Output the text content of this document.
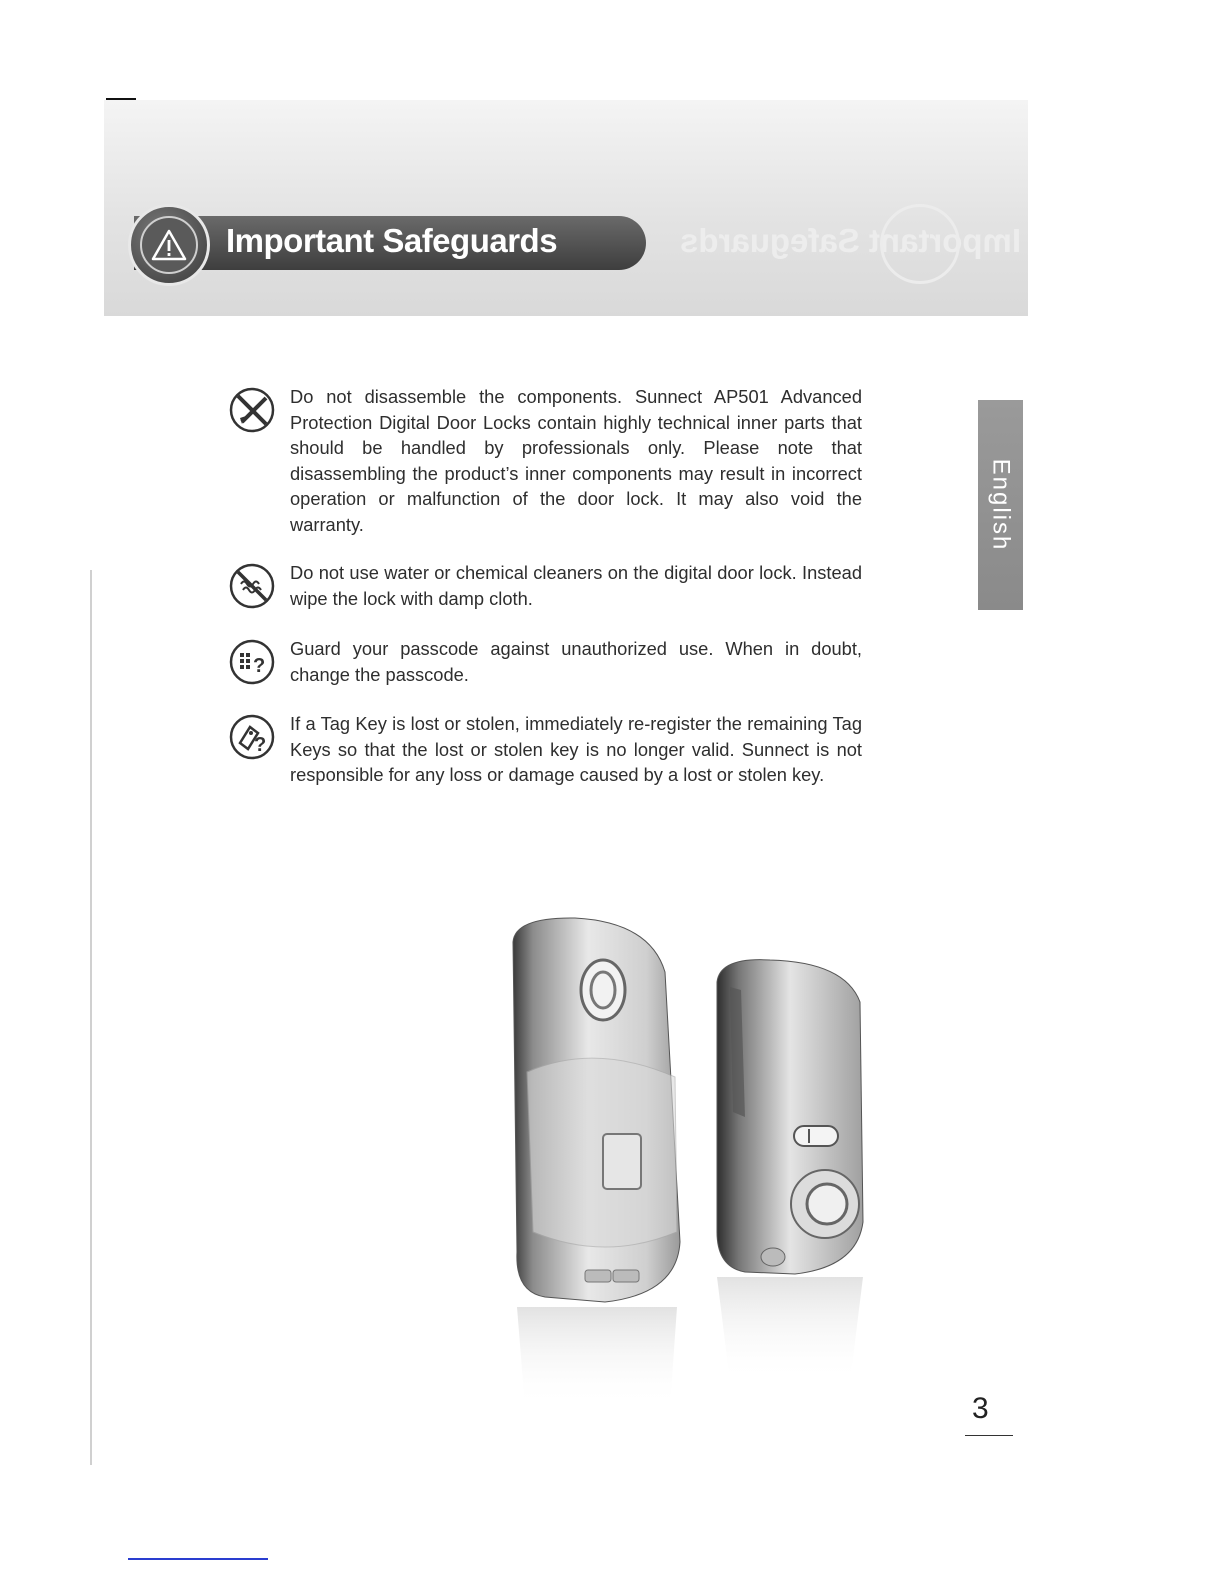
Important Safeguards
Important Safeguards
English
Do not disassemble the components. Sunnect AP501 Advanced Protection Digital Door Locks contain highly technical inner parts that should be handled by professionals only. Please note that disassembling the product’s inner components may result in incorrect operation or malfunction of the door lock. It may also void the warranty.
Do not use water or chemical cleaners on the digital door lock. Instead wipe the lock with damp cloth.
?
Guard your passcode against unauthorized use. When in doubt, change the passcode.
?
If a Tag Key is lost or stolen, immediately re-register the remaining Tag Keys so that the lost or stolen key is no longer valid. Sunnect is not responsible for any loss or damage caused by a lost or stolen key.
3
